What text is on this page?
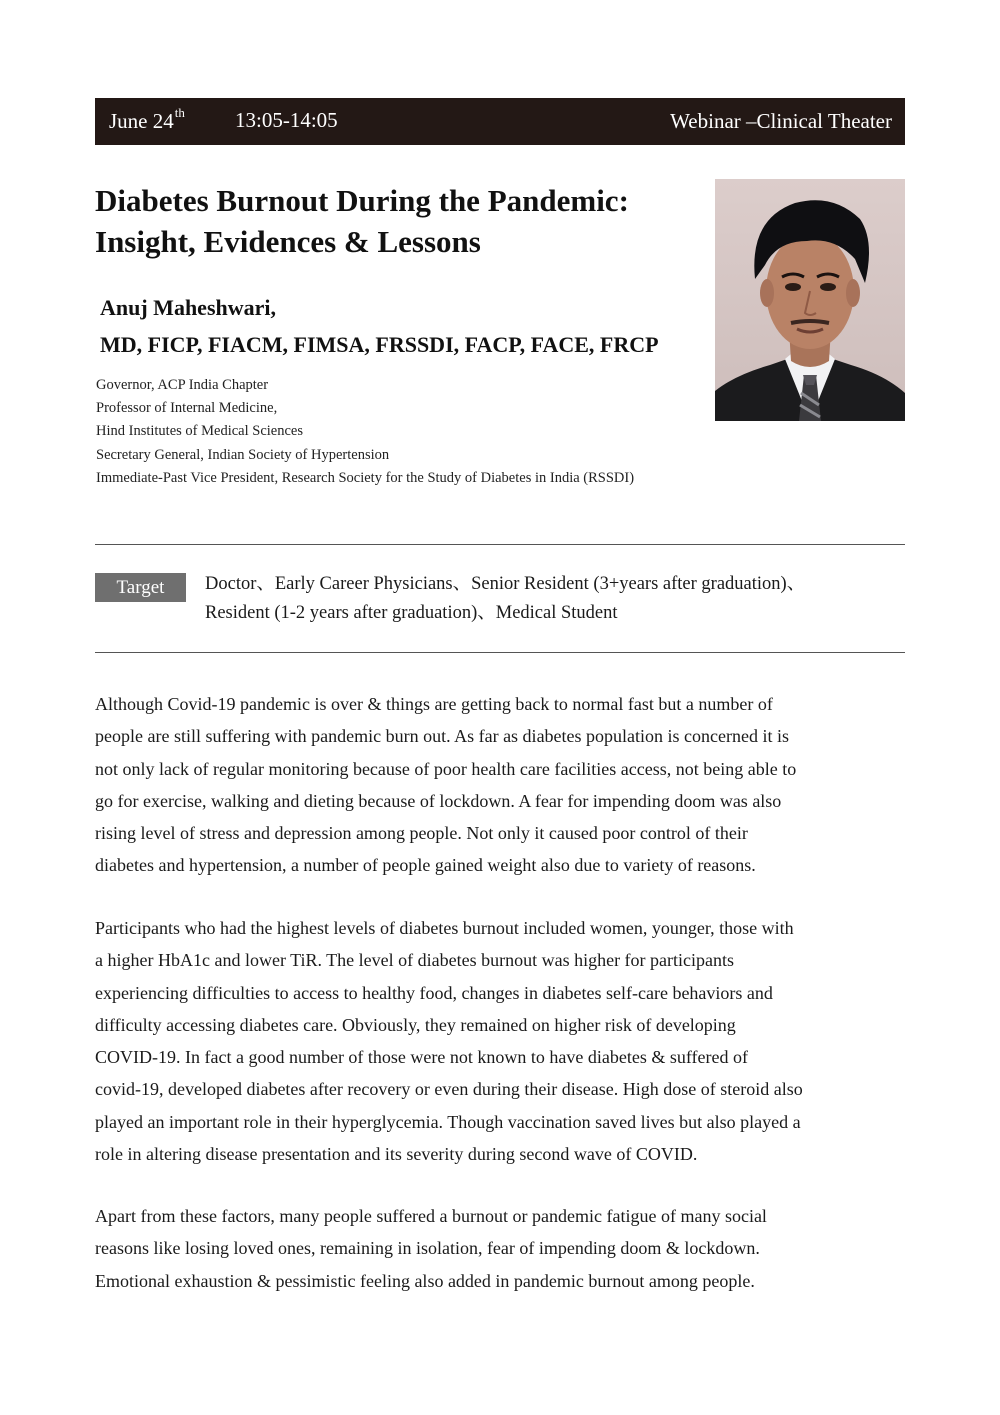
June 24th 13:05-14:05	Webinar –Clinical Theater
Diabetes Burnout During the Pandemic:
Insight, Evidences & Lessons
Anuj Maheshwari,
MD, FICP, FIACM, FIMSA, FRSSDI, FACP, FACE, FRCP
Governor, ACP India Chapter
Professor of Internal Medicine,
Hind Institutes of Medical Sciences
Secretary General, Indian Society of Hypertension
Immediate-Past Vice President, Research Society for the Study of Diabetes in India (RSSDI)
Target	Doctor、Early Career Physicians、Senior Resident (3+years after graduation)、
Resident (1-2 years after graduation)、Medical Student

Although Covid-19 pandemic is over & things are getting back to normal fast but a number of
people are still suffering with pandemic burn out. As far as diabetes population is concerned it is
not only lack of regular monitoring because of poor health care facilities access, not being able to
go for exercise, walking and dieting because of lockdown. A fear for impending doom was also
rising level of stress and depression among people. Not only it caused poor control of their
diabetes and hypertension, a number of people gained weight also due to variety of reasons.

Participants who had the highest levels of diabetes burnout included women, younger, those with
a higher HbA1c and lower TiR. The level of diabetes burnout was higher for participants
experiencing difficulties to access to healthy food, changes in diabetes self-care behaviors and
difficulty accessing diabetes care. Obviously, they remained on higher risk of developing
COVID-19. In fact a good number of those were not known to have diabetes & suffered of
covid-19, developed diabetes after recovery or even during their disease. High dose of steroid also
played an important role in their hyperglycemia. Though vaccination saved lives but also played a
role in altering disease presentation and its severity during second wave of COVID.

Apart from these factors, many people suffered a burnout or pandemic fatigue of many social
reasons like losing loved ones, remaining in isolation, fear of impending doom & lockdown.
Emotional exhaustion & pessimistic feeling also added in pandemic burnout among people.
